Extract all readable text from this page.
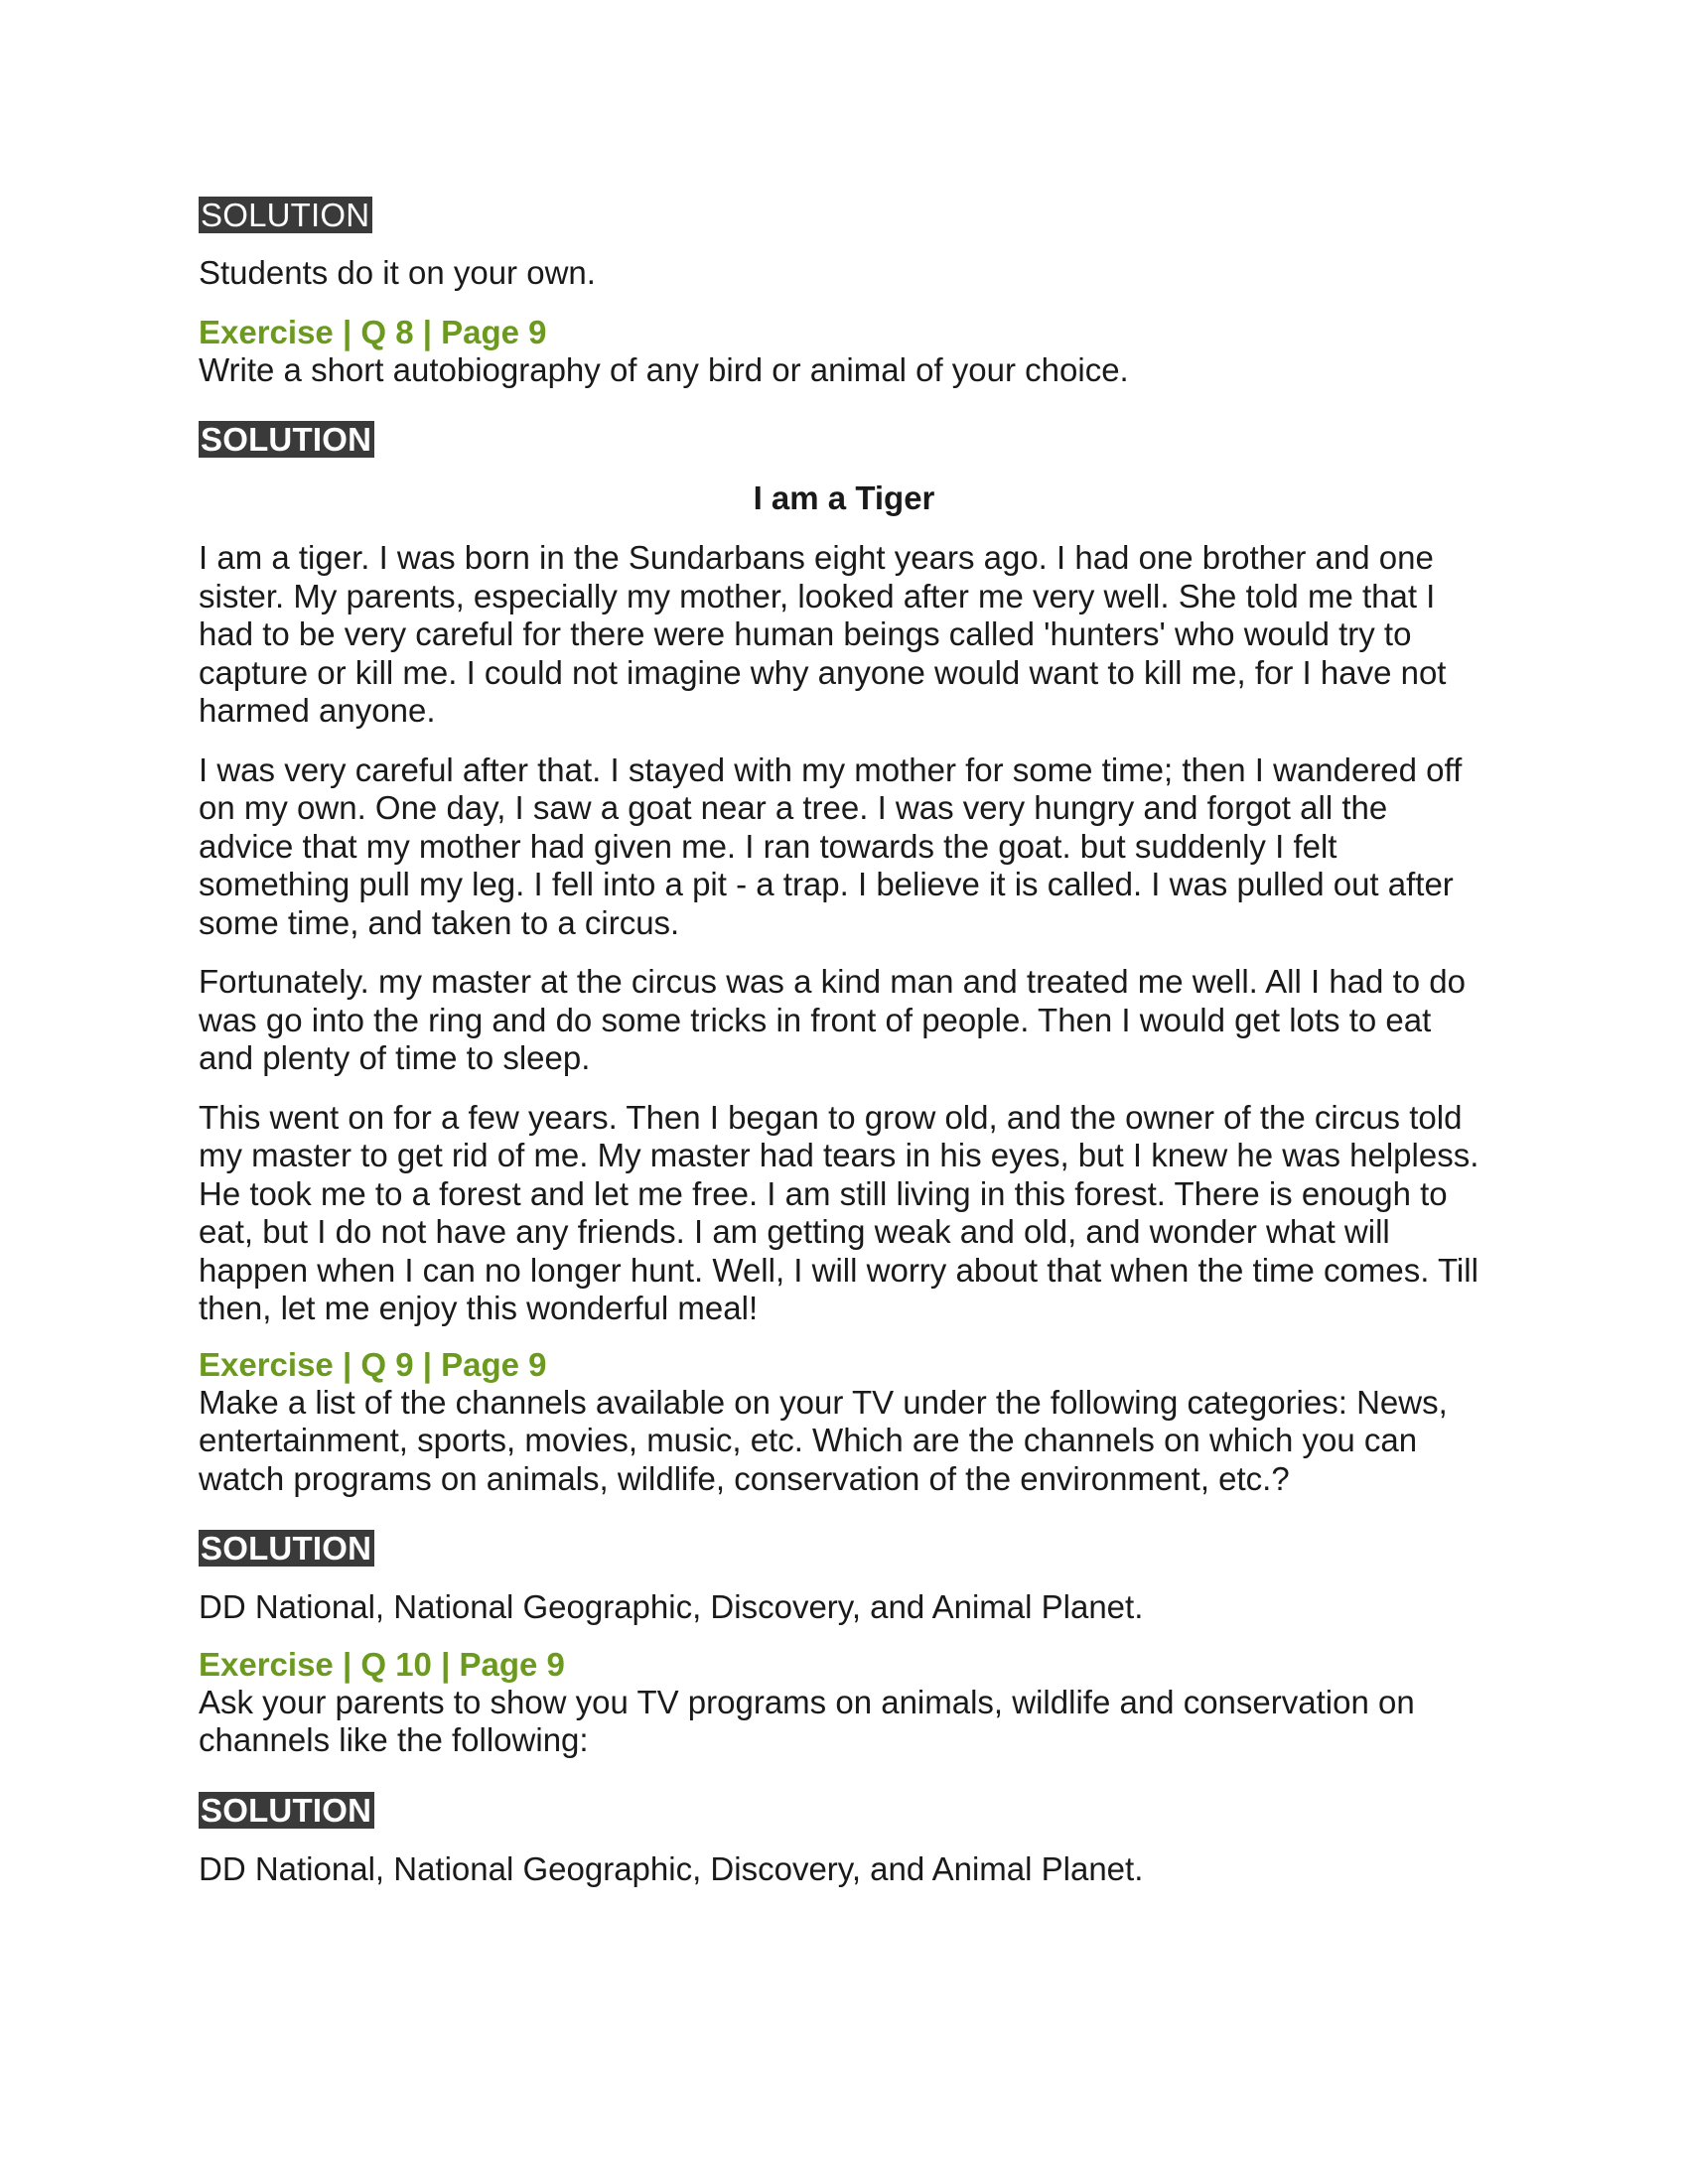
SOLUTION

Students do it on your own.

Exercise | Q 8 | Page 9

Write a short autobiography of any bird or animal of your choice.

SOLUTION

I am a Tiger

I am a tiger. I was born in the Sundarbans eight years ago. I had one brother and one sister. My parents, especially my mother, looked after me very well. She told me that I had to be very careful for there were human beings called 'hunters' who would try to capture or kill me. I could not imagine why anyone would want to kill me, for I have not harmed anyone.

I was very careful after that. I stayed with my mother for some time; then I wandered off on my own. One day, I saw a goat near a tree. I was very hungry and forgot all the advice that my mother had given me. I ran towards the goat. but suddenly I felt something pull my leg. I fell into a pit - a trap. I believe it is called. I was pulled out after some time, and taken to a circus.

Fortunately. my master at the circus was a kind man and treated me well. All I had to do was go into the ring and do some tricks in front of people. Then I would get lots to eat and plenty of time to sleep.

This went on for a few years. Then I began to grow old, and the owner of the circus told my master to get rid of me. My master had tears in his eyes, but I knew he was helpless. He took me to a forest and let me free. I am still living in this forest. There is enough to eat, but I do not have any friends. I am getting weak and old, and wonder what will happen when I can no longer hunt. Well, I will worry about that when the time comes. Till then, let me enjoy this wonderful meal!

Exercise | Q 9 | Page 9

Make a list of the channels available on your TV under the following categories: News, entertainment, sports, movies, music, etc. Which are the channels on which you can watch programs on animals, wildlife, conservation of the environment, etc.?

SOLUTION

DD National, National Geographic, Discovery, and Animal Planet.

Exercise | Q 10 | Page 9

Ask your parents to show you TV programs on animals, wildlife and conservation on channels like the following:

SOLUTION

DD National, National Geographic, Discovery, and Animal Planet.
